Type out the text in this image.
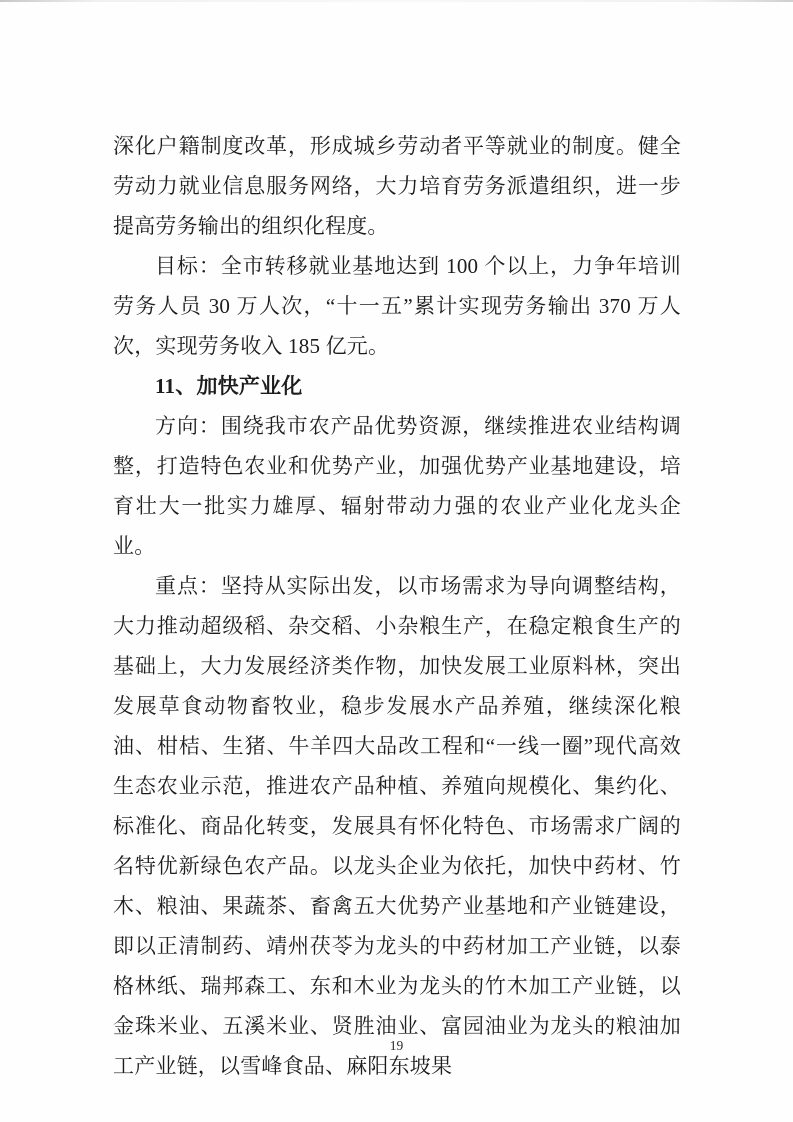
深化户籍制度改革，形成城乡劳动者平等就业的制度。健全劳动力就业信息服务网络，大力培育劳务派遣组织，进一步提高劳务输出的组织化程度。

目标：全市转移就业基地达到 100 个以上，力争年培训劳务人员 30 万人次，“十一五”累计实现劳务输出 370 万人次，实现劳务收入 185 亿元。

11、加快产业化

方向：围绕我市农产品优势资源，继续推进农业结构调整，打造特色农业和优势产业，加强优势产业基地建设，培育壮大一批实力雄厚、辐射带动力强的农业产业化龙头企业。

重点：坚持从实际出发，以市场需求为导向调整结构，大力推动超级稻、杂交稻、小杂粮生产，在稳定粮食生产的基础上，大力发展经济类作物，加快发展工业原料林，突出发展草食动物畜牧业，稳步发展水产品养殖，继续深化粮油、柑桔、生猪、牛羊四大品改工程和“一线一圈”现代高效生态农业示范，推进农产品种植、养殖向规模化、集约化、标准化、商品化转变，发展具有怀化特色、市场需求广阔的名特优新绿色农产品。以龙头企业为依托，加快中药材、竹木、粮油、果蔬茶、畜禽五大优势产业基地和产业链建设，即以正清制药、靖州茯苓为龙头的中药材加工产业链，以泰格林纸、瑞邦森工、东和木业为龙头的竹木加工产业链，以金珠米业、五溪米业、贤胜油业、富园油业为龙头的粮油加工产业链，以雪峰食品、麻阳东坡果

19
